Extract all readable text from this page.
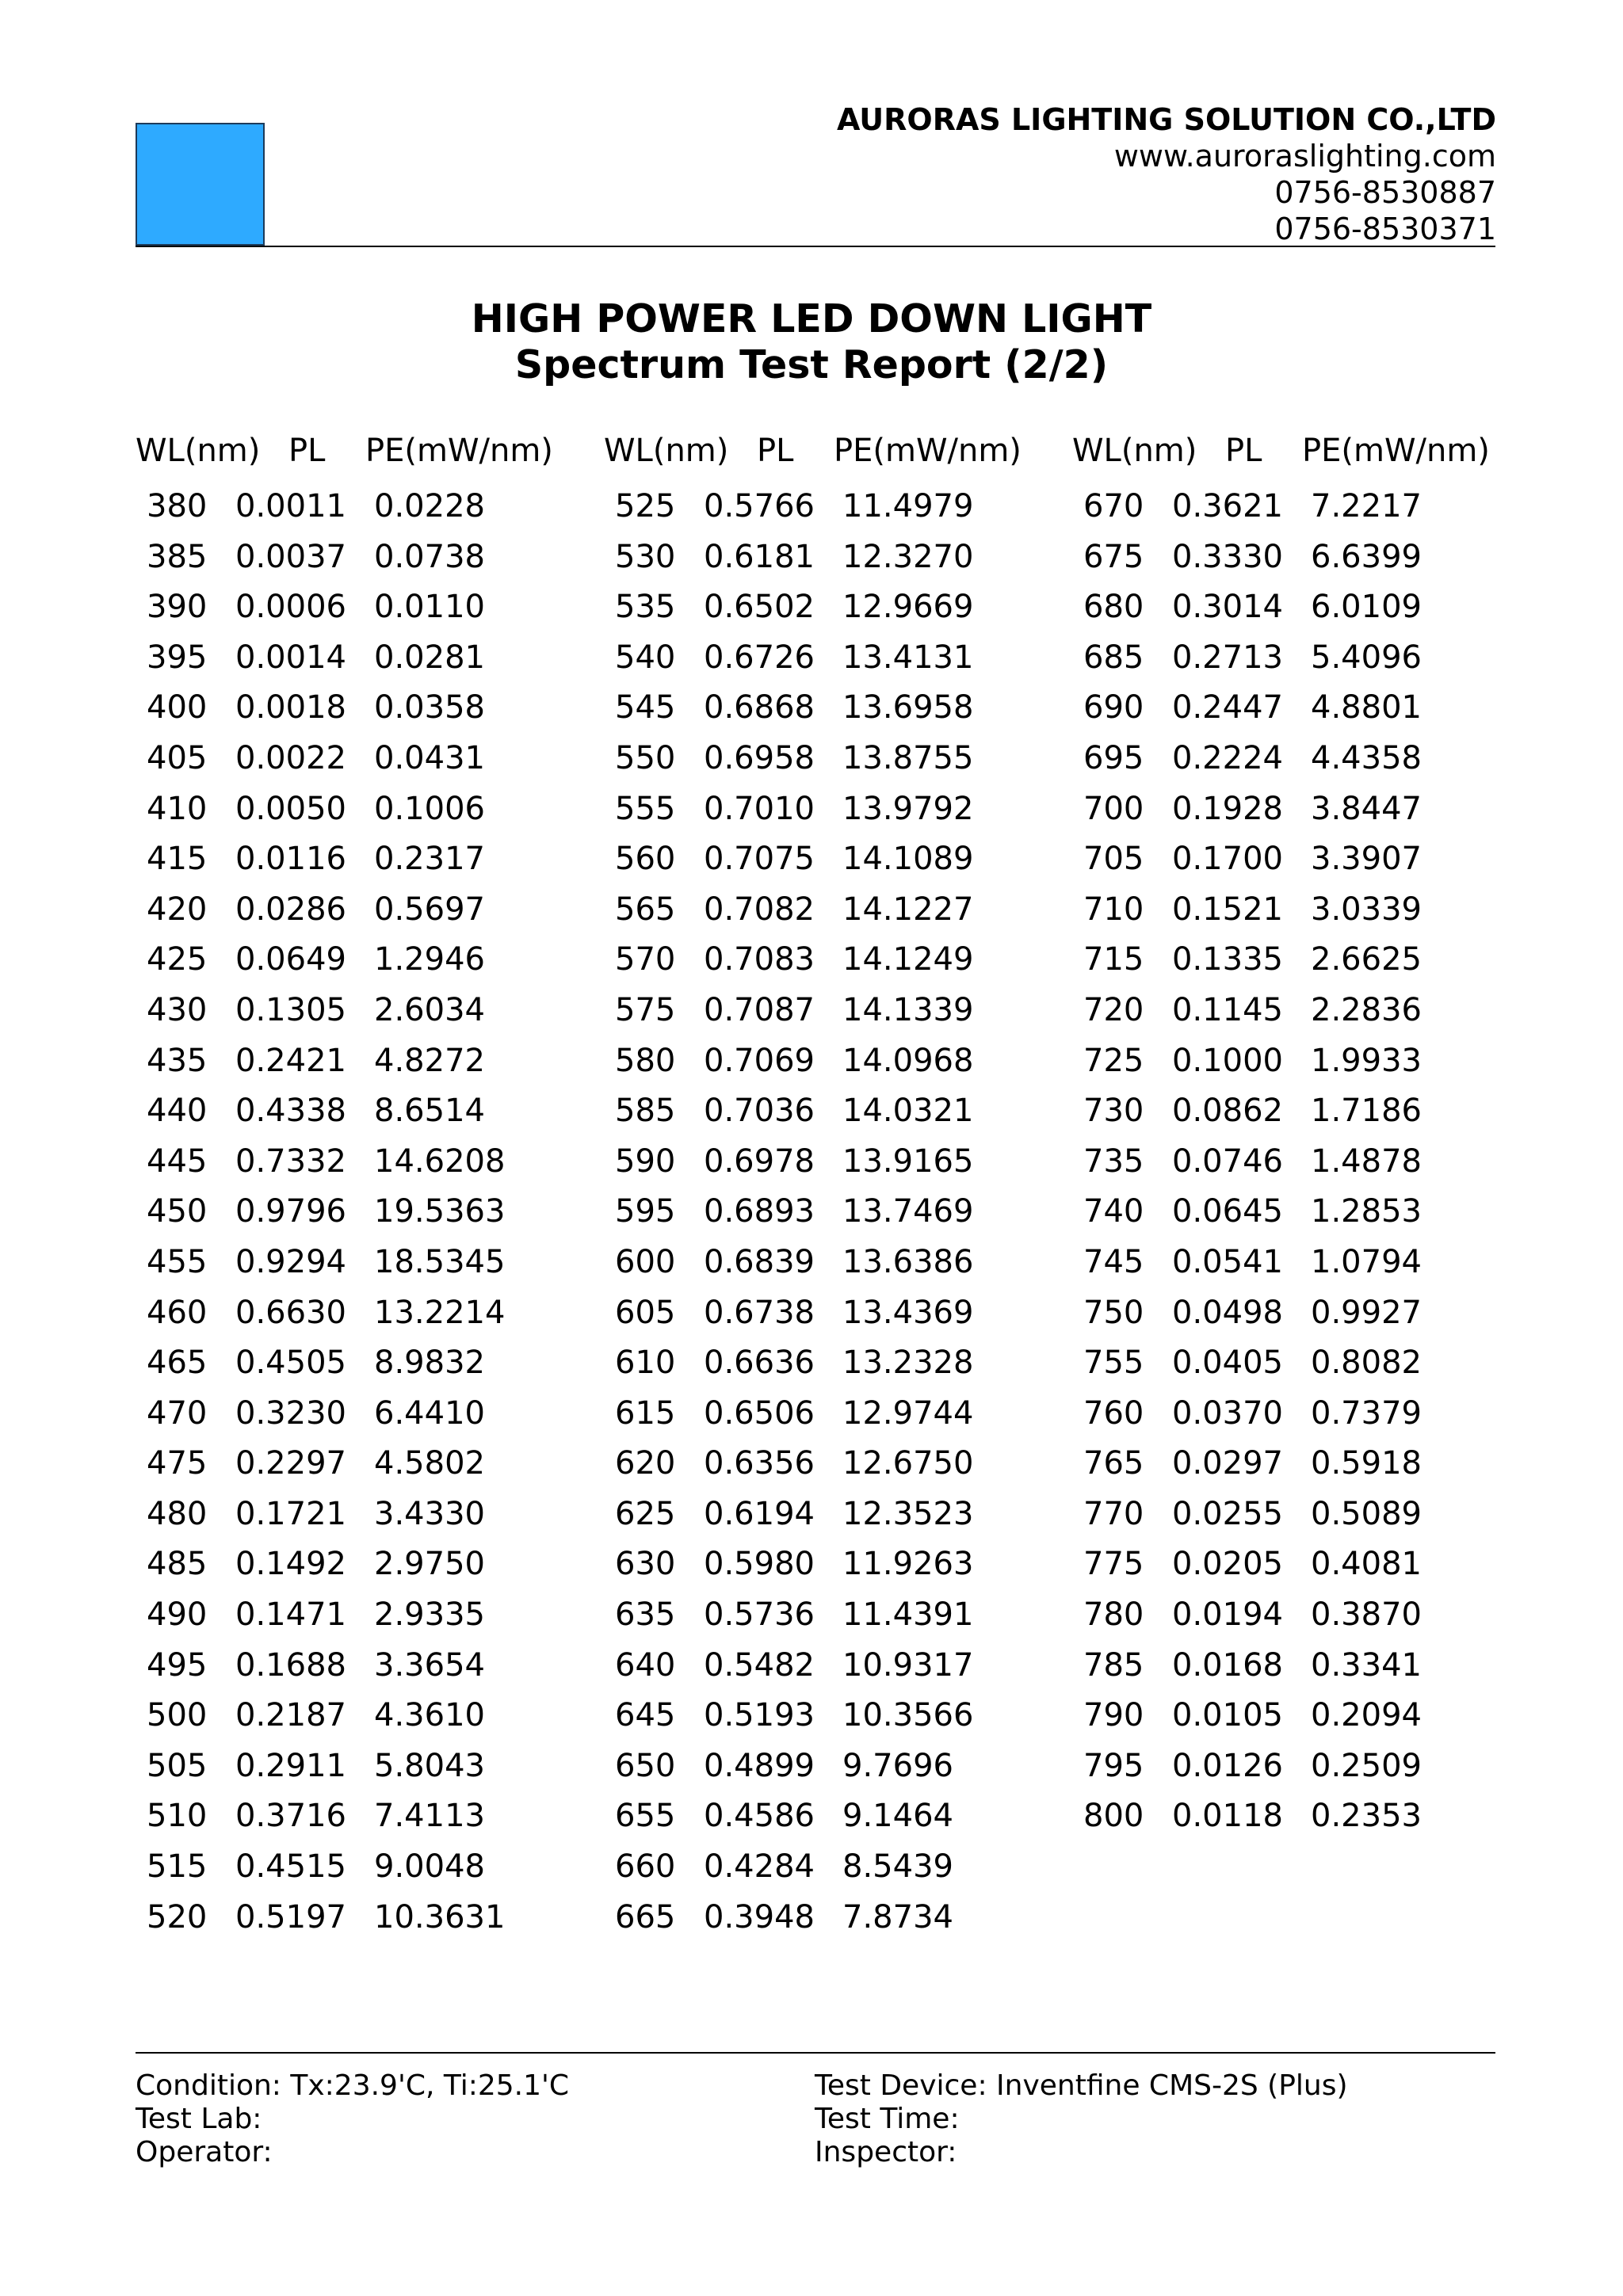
AURORAS LIGHTING SOLUTION CO.,LTD
www.auroraslighting.com
0756-8530887
0756-8530371
HIGH POWER LED DOWN LIGHT
Spectrum Test Report (2/2)
WL(nm) PL PE(mW/nm)
380 0.0011 0.0228
385 0.0037 0.0738
390 0.0006 0.0110
395 0.0014 0.0281
400 0.0018 0.0358
405 0.0022 0.0431
410 0.0050 0.1006
415 0.0116 0.2317
420 0.0286 0.5697
425 0.0649 1.2946
430 0.1305 2.6034
435 0.2421 4.8272
440 0.4338 8.6514
445 0.7332 14.6208
450 0.9796 19.5363
455 0.9294 18.5345
460 0.6630 13.2214
465 0.4505 8.9832
470 0.3230 6.4410
475 0.2297 4.5802
480 0.1721 3.4330
485 0.1492 2.9750
490 0.1471 2.9335
495 0.1688 3.3654
500 0.2187 4.3610
505 0.2911 5.8043
510 0.3716 7.4113
515 0.4515 9.0048
520 0.5197 10.3631
WL(nm) PL PE(mW/nm)
525 0.5766 11.4979
530 0.6181 12.3270
535 0.6502 12.9669
540 0.6726 13.4131
545 0.6868 13.6958
550 0.6958 13.8755
555 0.7010 13.9792
560 0.7075 14.1089
565 0.7082 14.1227
570 0.7083 14.1249
575 0.7087 14.1339
580 0.7069 14.0968
585 0.7036 14.0321
590 0.6978 13.9165
595 0.6893 13.7469
600 0.6839 13.6386
605 0.6738 13.4369
610 0.6636 13.2328
615 0.6506 12.9744
620 0.6356 12.6750
625 0.6194 12.3523
630 0.5980 11.9263
635 0.5736 11.4391
640 0.5482 10.9317
645 0.5193 10.3566
650 0.4899 9.7696
655 0.4586 9.1464
660 0.4284 8.5439
665 0.3948 7.8734
WL(nm) PL PE(mW/nm)
670 0.3621 7.2217
675 0.3330 6.6399
680 0.3014 6.0109
685 0.2713 5.4096
690 0.2447 4.8801
695 0.2224 4.4358
700 0.1928 3.8447
705 0.1700 3.3907
710 0.1521 3.0339
715 0.1335 2.6625
720 0.1145 2.2836
725 0.1000 1.9933
730 0.0862 1.7186
735 0.0746 1.4878
740 0.0645 1.2853
745 0.0541 1.0794
750 0.0498 0.9927
755 0.0405 0.8082
760 0.0370 0.7379
765 0.0297 0.5918
770 0.0255 0.5089
775 0.0205 0.4081
780 0.0194 0.3870
785 0.0168 0.3341
790 0.0105 0.2094
795 0.0126 0.2509
800 0.0118 0.2353
Condition: Tx:23.9'C, Ti:25.1'C
Test Lab:
Operator:
Test Device: Inventfine CMS-2S (Plus)
Test Time:
Inspector:
